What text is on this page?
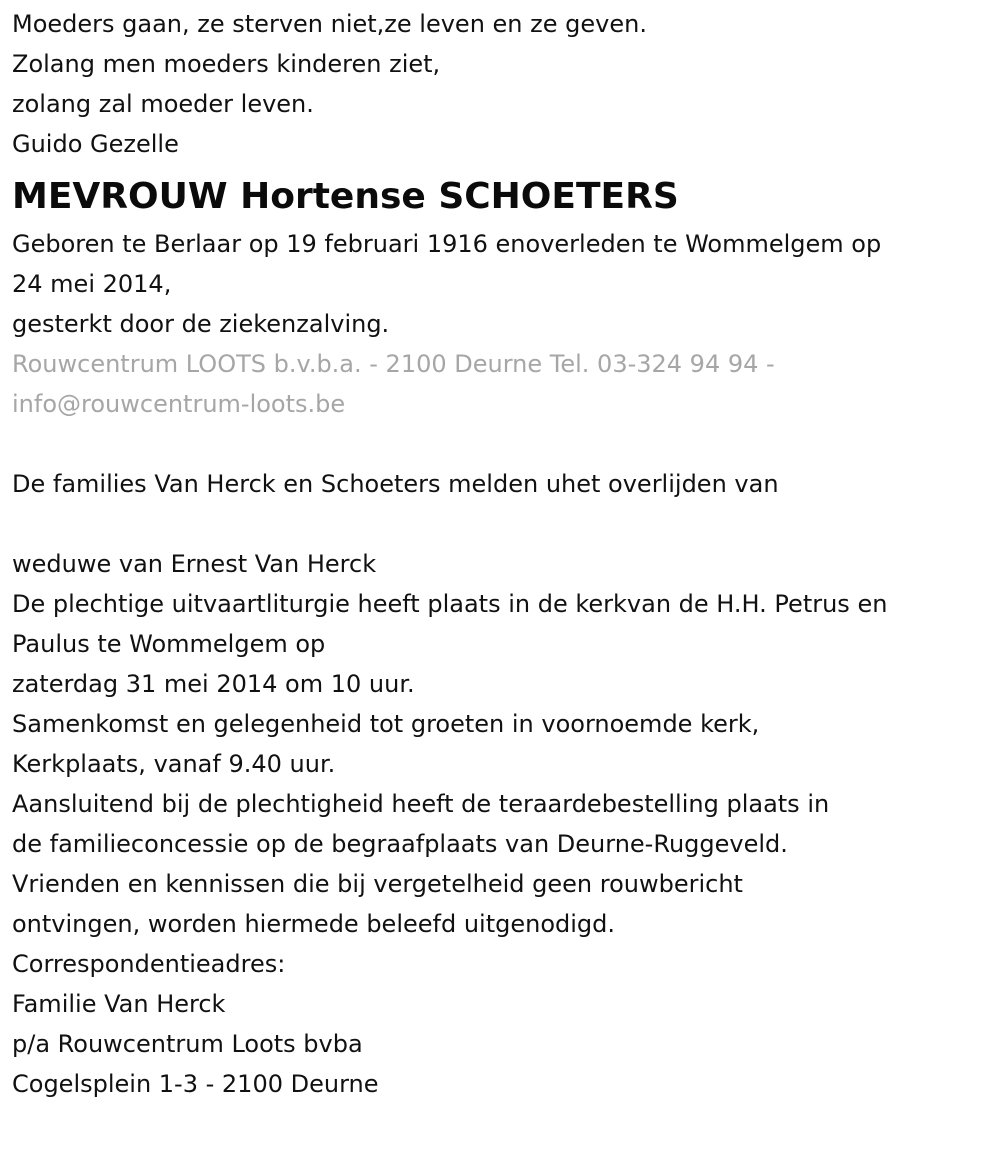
Moeders gaan, ze sterven niet,ze leven en ze geven.

Zolang men moeders kinderen ziet,

zolang zal moeder leven.

Guido Gezelle

MEVROUW Hortense SCHOETERS

Geboren te Berlaar op 19 februari 1916 enoverleden te Wommelgem op

24 mei 2014,

gesterkt door de ziekenzalving.

Rouwcentrum LOOTS b.v.b.a. - 2100 Deurne Tel. 03-324 94 94 -

info@rouwcentrum-loots.be

De families Van Herck en Schoeters melden uhet overlijden van

weduwe van Ernest Van Herck

De plechtige uitvaartliturgie heeft plaats in de kerkvan de H.H. Petrus en

Paulus te Wommelgem op

zaterdag 31 mei 2014 om 10 uur.

Samenkomst en gelegenheid tot groeten in voornoemde kerk,

Kerkplaats, vanaf 9.40 uur.

Aansluitend bij de plechtigheid heeft de teraardebestelling plaats in

de familieconcessie op de begraafplaats van Deurne-Ruggeveld.

Vrienden en kennissen die bij vergetelheid geen rouwbericht

ontvingen, worden hiermede beleefd uitgenodigd.

Correspondentieadres:

Familie Van Herck

p/a Rouwcentrum Loots bvba

Cogelsplein 1-3 - 2100 Deurne
